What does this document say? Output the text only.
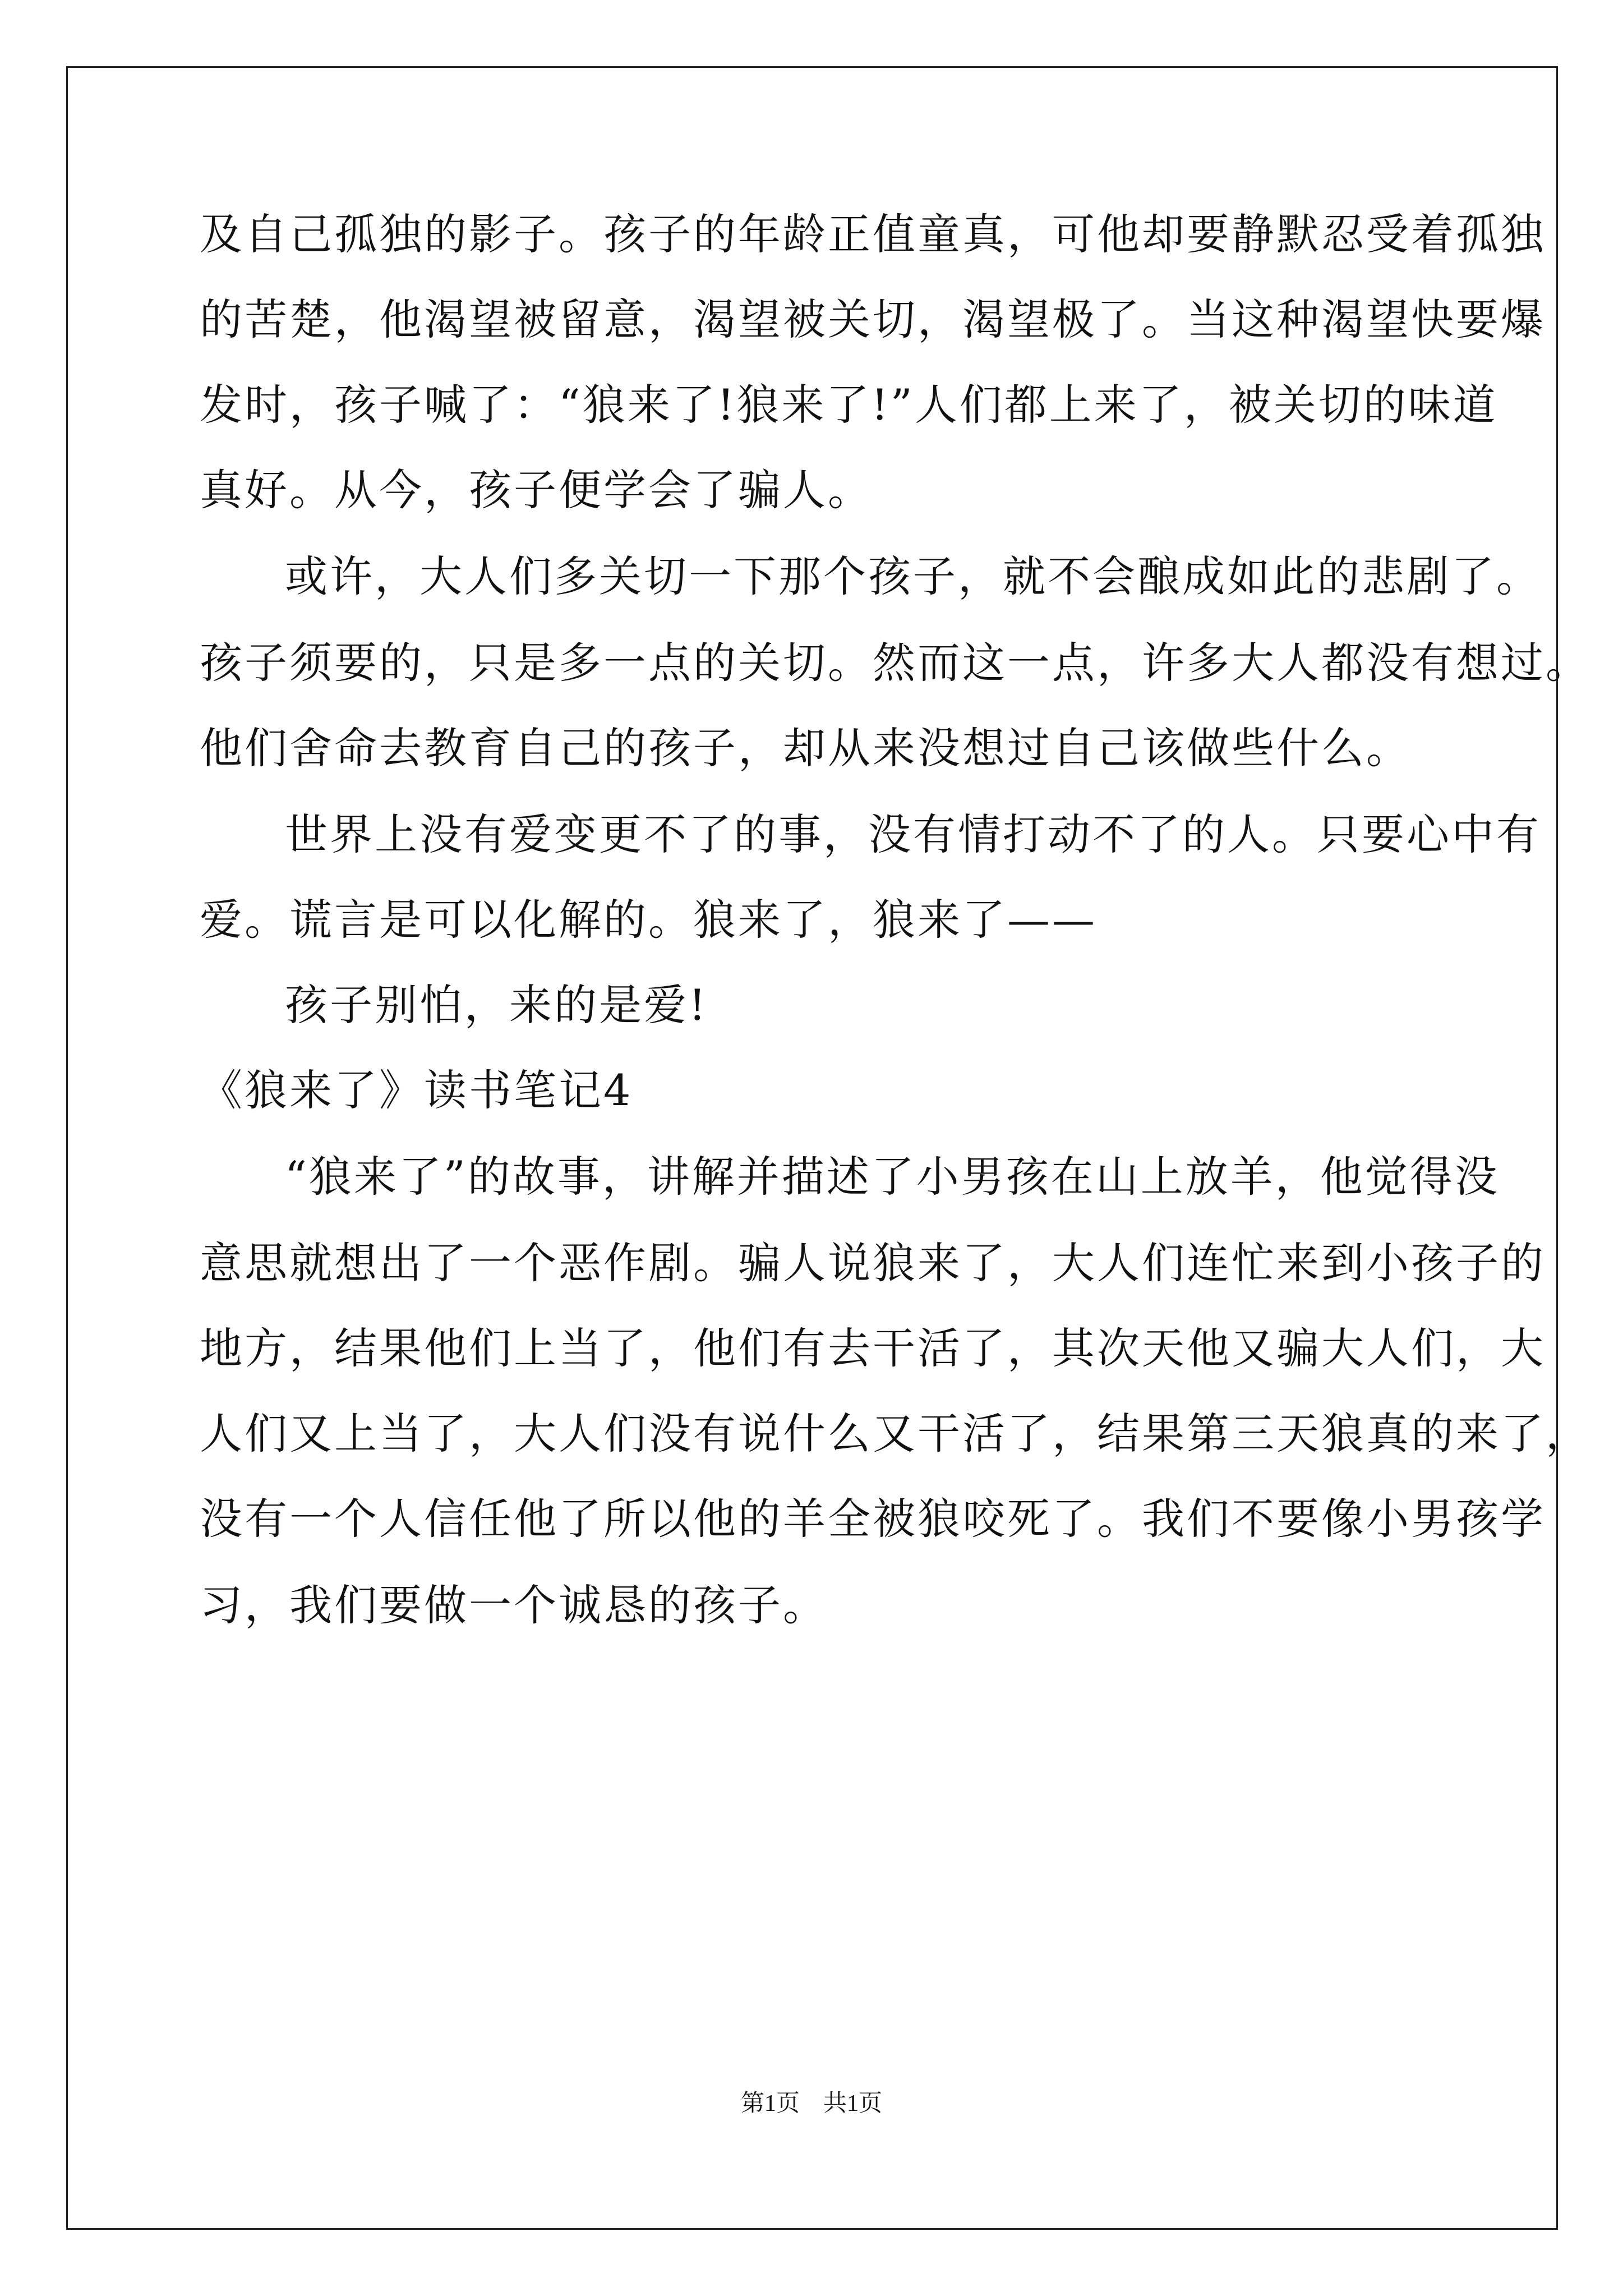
及自己孤独的影子。孩子的年龄正值童真，可他却要静默忍受着孤独
的苦楚，他渴望被留意，渴望被关切，渴望极了。当这种渴望快要爆
发时，孩子喊了：“狼来了!狼来了!”人们都上来了，被关切的味道
真好。从今，孩子便学会了骗人。
或许，大人们多关切一下那个孩子，就不会酿成如此的悲剧了。
孩子须要的，只是多一点的关切。然而这一点，许多大人都没有想过。
他们舍命去教育自己的孩子，却从来没想过自己该做些什么。
世界上没有爱变更不了的事，没有情打动不了的人。只要心中有
爱。谎言是可以化解的。狼来了，狼来了——
孩子别怕，来的是爱!
《狼来了》读书笔记4
“狼来了”的故事，讲解并描述了小男孩在山上放羊，他觉得没
意思就想出了一个恶作剧。骗人说狼来了，大人们连忙来到小孩子的
地方，结果他们上当了，他们有去干活了，其次天他又骗大人们，大
人们又上当了，大人们没有说什么又干活了，结果第三天狼真的来了，
没有一个人信任他了所以他的羊全被狼咬死了。我们不要像小男孩学
习，我们要做一个诚恳的孩子。
第1页　共1页
